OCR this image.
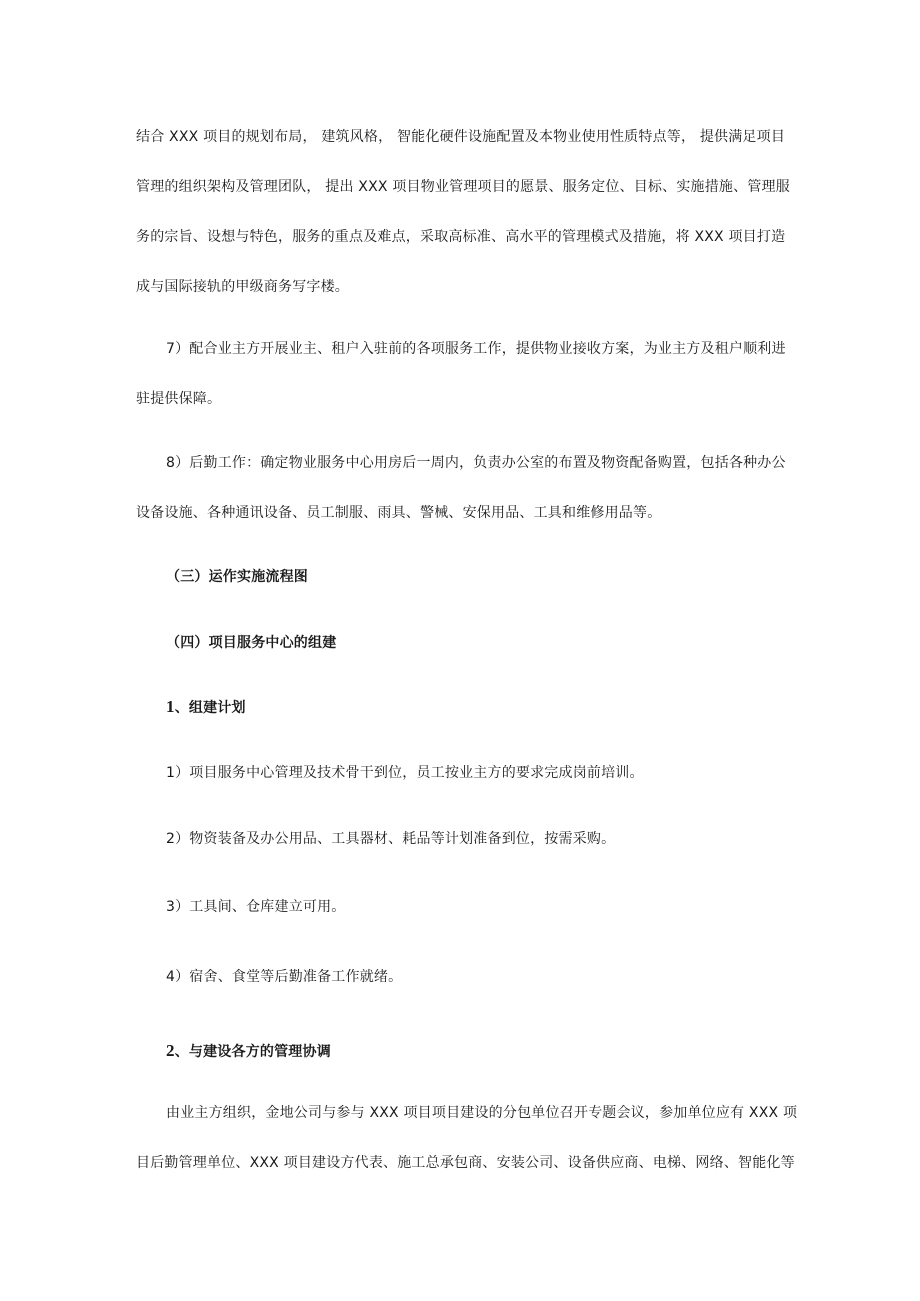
结合 XXX 项目的规划布局， 建筑风格， 智能化硬件设施配置及本物业使用性质特点等， 提供满足项目
管理的组织架构及管理团队， 提出 XXX 项目物业管理项目的愿景、服务定位、目标、实施措施、管理服
务的宗旨、设想与特色，服务的重点及难点，采取高标准、高水平的管理模式及措施，将 XXX 项目打造
成与国际接轨的甲级商务写字楼。
7）配合业主方开展业主、租户入驻前的各项服务工作，提供物业接收方案，为业主方及租户顺利进
驻提供保障。
8）后勤工作：确定物业服务中心用房后一周内，负责办公室的布置及物资配备购置，包括各种办公
设备设施、各种通讯设备、员工制服、雨具、警械、安保用品、工具和维修用品等。
（三）运作实施流程图
（四）项目服务中心的组建
1、组建计划
1）项目服务中心管理及技术骨干到位，员工按业主方的要求完成岗前培训。
2）物资装备及办公用品、工具器材、耗品等计划准备到位，按需采购。
3）工具间、仓库建立可用。
4）宿舍、食堂等后勤准备工作就绪。
2、与建设各方的管理协调
由业主方组织，金地公司与参与 XXX 项目项目建设的分包单位召开专题会议，参加单位应有 XXX 项
目后勤管理单位、XXX 项目建设方代表、施工总承包商、安装公司、设备供应商、电梯、网络、智能化等
